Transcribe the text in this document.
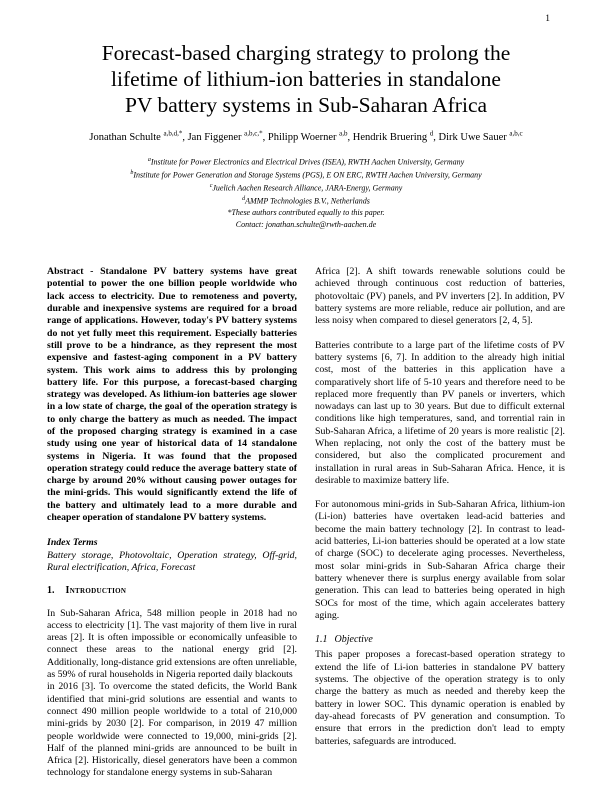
1
Forecast-based charging strategy to prolong the
lifetime of lithium-ion batteries in standalone
PV battery systems in Sub-Saharan Africa
Jonathan Schulte $^{a,b,d,*}$, Jan Figgener $^{a,b,c,*}$, Philipp Woerner $^{a,b}$, Hendrik Bruering $^d$, Dirk Uwe Sauer $^{a,b,c}$
$^a$Institute for Power Electronics and Electrical Drives (ISEA), RWTH Aachen University, Germany
$^b$Institute for Power Generation and Storage Systems (PGS), E ON ERC, RWTH Aachen University, Germany
$^c$Juelich Aachen Research Alliance, JARA-Energy, Germany
$^d$AMMP Technologies B.V., Netherlands
*These authors contributed equally to this paper.
Contact: jonathan.schulte@rwth-aachen.de

Abstract - Standalone PV battery systems have great potential to power the one billion people worldwide who lack access to electricity. Due to remoteness and poverty, durable and inexpensive systems are required for a broad range of applications. However, today's PV battery systems do not yet fully meet this requirement. Especially batteries still prove to be a hindrance, as they represent the most expensive and fastest-aging component in a PV battery system. This work aims to address this by prolonging battery life. For this purpose, a forecast-based charging strategy was developed. As lithium-ion batteries age slower in a low state of charge, the goal of the operation strategy is to only charge the battery as much as needed. The impact of the proposed charging strategy is examined in a case study using one year of historical data of 14 standalone systems in Nigeria. It was found that the proposed operation strategy could reduce the average battery state of charge by around 20% without causing power outages for the mini-grids. This would significantly extend the life of the battery and ultimately lead to a more durable and cheaper operation of standalone PV battery systems.

Index Terms
Battery storage, Photovoltaic, Operation strategy, Off-grid, Rural electrification, Africa, Forecast
1. Introduction

In Sub-Saharan Africa, 548 million people in 2018 had no access to electricity [1]. The vast majority of them live in rural areas [2]. It is often impossible or economically unfeasible to connect these areas to the national energy grid [2]. Additionally, long-distance grid extensions are often unreliable, as 59% of rural households in Nigeria reported daily blackouts
in 2016 [3]. To overcome the stated deficits, the World Bank identified that mini-grid solutions are essential and wants to connect 490 million people worldwide to a total of 210,000 mini-grids by 2030 [2]. For comparison, in 2019 47 million people worldwide were connected to 19,000, mini-grids [2]. Half of the planned mini-grids are announced to be built in Africa [2]. Historically, diesel generators have been a common technology for standalone energy systems in sub-Saharan

Africa [2]. A shift towards renewable solutions could be achieved through continuous cost reduction of batteries, photovoltaic (PV) panels, and PV inverters [2]. In addition, PV battery systems are more reliable, reduce air pollution, and are less noisy when compared to diesel generators [2, 4, 5].

Batteries contribute to a large part of the lifetime costs of PV battery systems [6, 7]. In addition to the already high initial cost, most of the batteries in this application have a comparatively short life of 5-10 years and therefore need to be replaced more frequently than PV panels or inverters, which nowadays can last up to 30 years. But due to difficult external conditions like high temperatures, sand, and torrential rain in Sub-Saharan Africa, a lifetime of 20 years is more realistic [2]. When replacing, not only the cost of the battery must be considered, but also the complicated procurement and installation in rural areas in Sub-Saharan Africa. Hence, it is desirable to maximize battery life.

For autonomous mini-grids in Sub-Saharan Africa, lithium-ion (Li-ion) batteries have overtaken lead-acid batteries and become the main battery technology [2]. In contrast to lead-acid batteries, Li-ion batteries should be operated at a low state of charge (SOC) to decelerate aging processes. Nevertheless, most solar mini-grids in Sub-Saharan Africa charge their battery whenever there is surplus energy available from solar generation. This can lead to batteries being operated in high SOCs for most of the time, which again accelerates battery aging.

1.1 Objective

This paper proposes a forecast-based operation strategy to extend the life of Li-ion batteries in standalone PV battery systems. The objective of the operation strategy is to only charge the battery as much as needed and thereby keep the battery in lower SOC. This dynamic operation is enabled by day-ahead forecasts of PV generation and consumption. To ensure that errors in the prediction don't lead to empty batteries, safeguards are introduced.
